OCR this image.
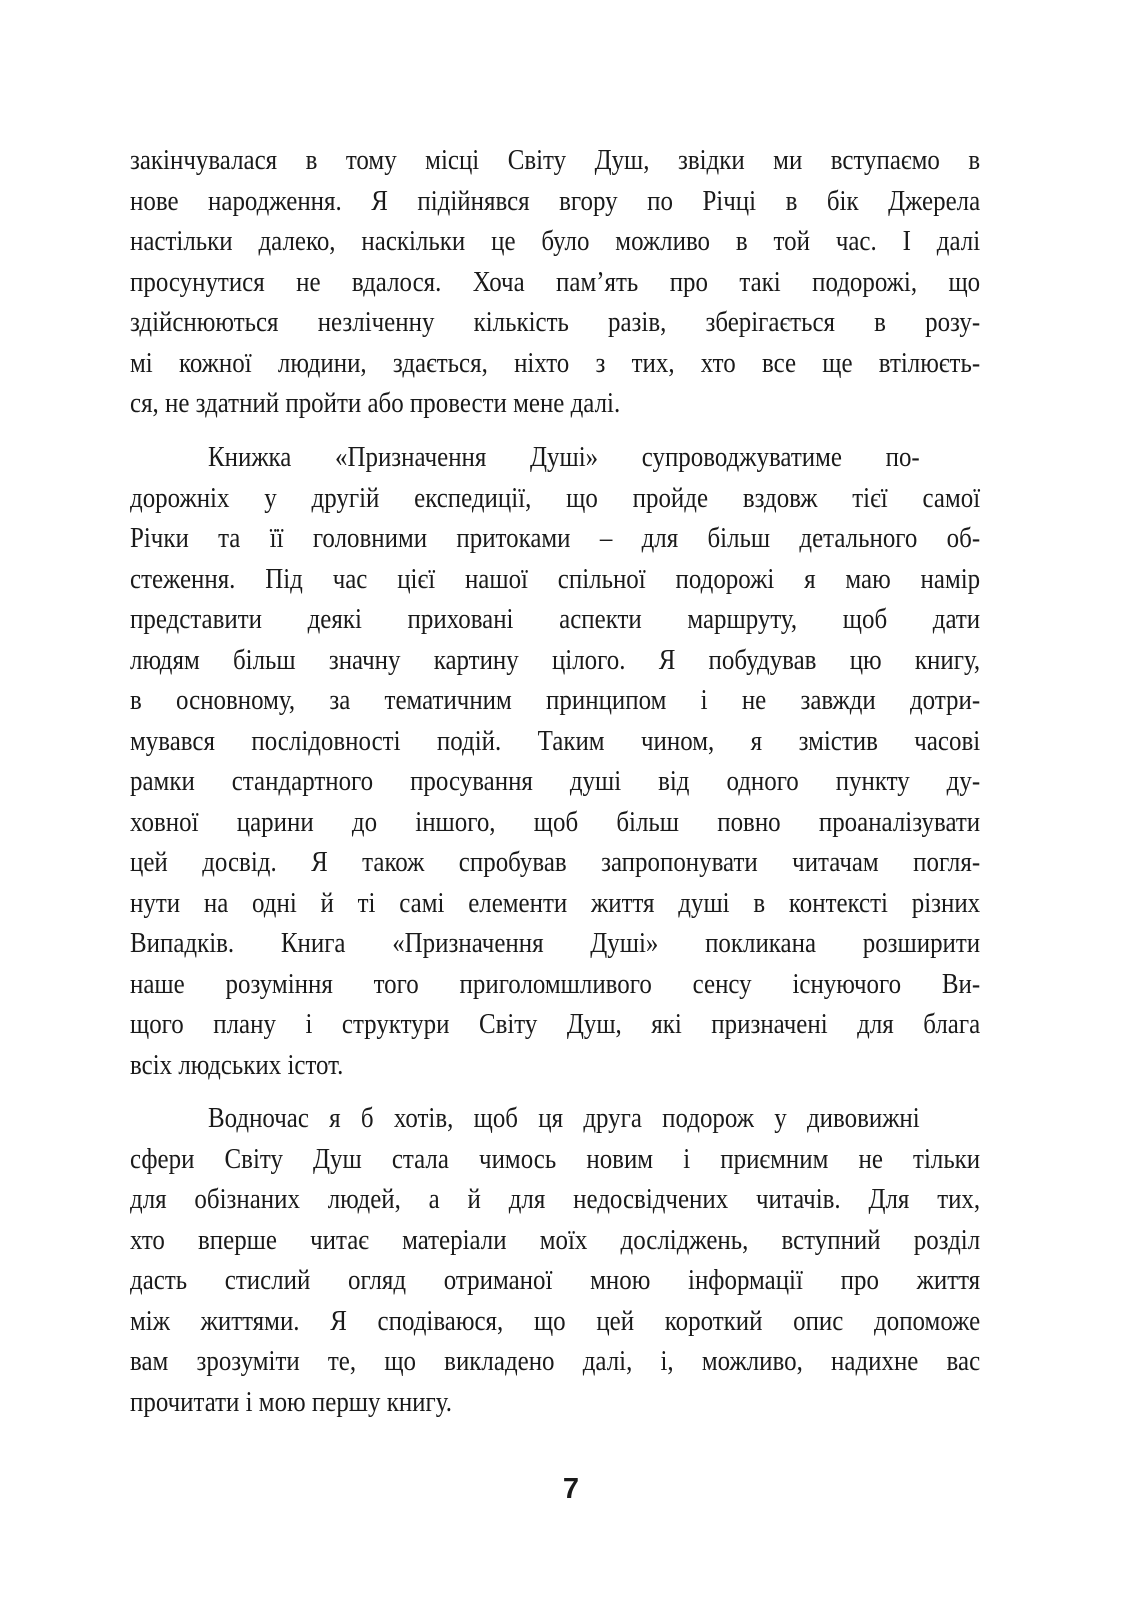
закінчувалася в тому місці Світу Душ, звідки ми вступаємо в
нове народження. Я підійнявся вгору по Річці в бік Джерела
настільки далеко, наскільки це було можливо в той час. І далі
просунутися не вдалося. Хоча пам’ять про такі подорожі, що
здійснюються незліченну кількість разів, зберігається в розу-
мі кожної людини, здається, ніхто з тих, хто все ще втілюєть-
ся, не здатний пройти або провести мене далі.
Книжка «Призначення Душі» супроводжуватиме по-
дорожніх у другій експедиції, що пройде вздовж тієї самої
Річки та її головними притоками – для більш детального об-
стеження. Під час цієї нашої спільної подорожі я маю намір
представити деякі приховані аспекти маршруту, щоб дати
людям більш значну картину цілого. Я побудував цю книгу,
в основному, за тематичним принципом і не завжди дотри-
мувався послідовності подій. Таким чином, я змістив часові
рамки стандартного просування душі від одного пункту ду-
ховної царини до іншого, щоб більш повно проаналізувати
цей досвід. Я також спробував запропонувати читачам погля-
нути на одні й ті самі елементи життя душі в контексті різних
Випадків. Книга «Призначення Душі» покликана розширити
наше розуміння того приголомшливого сенсу існуючого Ви-
щого плану і структури Світу Душ, які призначені для блага
всіх людських істот.
Водночас я б хотів, щоб ця друга подорож у дивовижні
сфери Світу Душ стала чимось новим і приємним не тільки
для обізнаних людей, а й для недосвідчених читачів. Для тих,
хто вперше читає матеріали моїх досліджень, вступний розділ
дасть стислий огляд отриманої мною інформації про життя
між життями. Я сподіваюся, що цей короткий опис допоможе
вам зрозуміти те, що викладено далі, і, можливо, надихне вас
прочитати і мою першу книгу.
7
